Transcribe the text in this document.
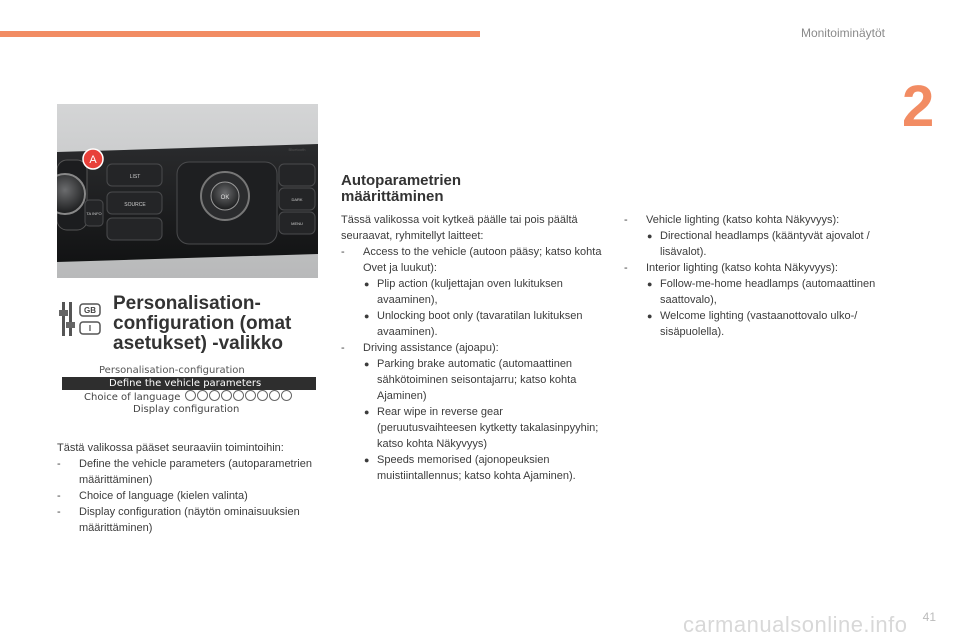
Monitoiminäytöt
2
A
LIST
SOURCE
OK	DARK
MENU
TA INFO
Bluetooth
GB
I
Personalisation-configuration (omat asetukset) -valikko
Personalisation-configuration
Define the vehicle parameters
Choice of language
Display configuration
Tästä valikossa pääset seuraaviin toimintoihin:
- Define the vehicle parameters (autoparametrien määrittäminen)
- Choice of language (kielen valinta)
- Display configuration (näytön ominaisuuksien määrittäminen)
Autoparametrien määrittäminen
Tässä valikossa voit kytkeä päälle tai pois päältä seuraavat, ryhmitellyt laitteet:
- Access to the vehicle (autoon pääsy; katso kohta Ovet ja luukut):
● Plip action (kuljettajan oven lukituksen avaaminen),
● Unlocking boot only (tavaratilan lukituksen avaaminen).
- Driving assistance (ajoapu):
● Parking brake automatic (automaattinen sähkötoiminen seisontajarru; katso kohta Ajaminen)
● Rear wipe in reverse gear (peruutusvaihteesen kytketty takalasinpyyhin; katso kohta Näkyvyys)
● Speeds memorised (ajonopeuksien muistiintallennus; katso kohta Ajaminen).
- Vehicle lighting (katso kohta Näkyvyys):
● Directional headlamps (kääntyvät ajovalot / lisävalot).
- Interior lighting (katso kohta Näkyvyys):
● Follow-me-home headlamps (automaattinen saattovalo),
● Welcome lighting (vastaanottovalo ulko-/ sisäpuolella).
carmanualsonline.info 41
